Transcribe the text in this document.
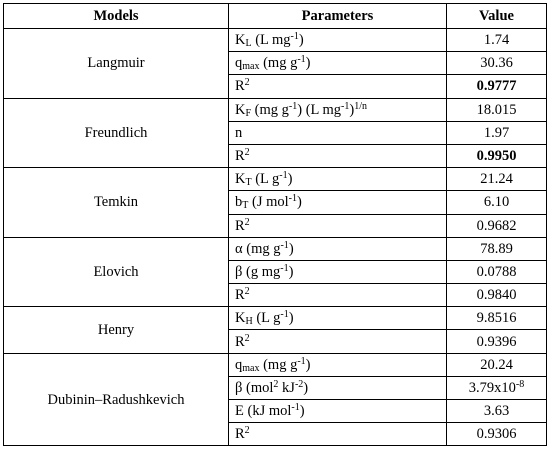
Models	Parameters	Value
Langmuir	$K_L$ (L $mg^{-1}$)	1.74
	$q_{max}$ (mg $g^{-1}$)	30.36
	$R^2$	0.9777
Freundlich	$K_F$ (mg $g^{-1}$) (L $mg^{-1})^{1/n}$	18.015
	n	1.97
	$R^2$	0.9950
Temkin	$K_T$ (L $g^{-1}$)	21.24
	$b_T$ (J mol$^{-1}$)	6.10
	$R^2$	0.9682
Elovich	α (mg $g^{-1}$)	78.89
	β (g $mg^{-1}$)	0.0788
	$R^2$	0.9840
Henry	$K_H$ (L $g^{-1}$)	9.8516
	$R^2$	0.9396
Dubinin–Radushkevich	$q_{max}$ (mg $g^{-1}$)	20.24
	β (mol$^2$ $kJ^{-2}$)	$3.79x10^{-8}$
	E (kJ mol$^{-1}$)	3.63
	$R^2$	0.9306
